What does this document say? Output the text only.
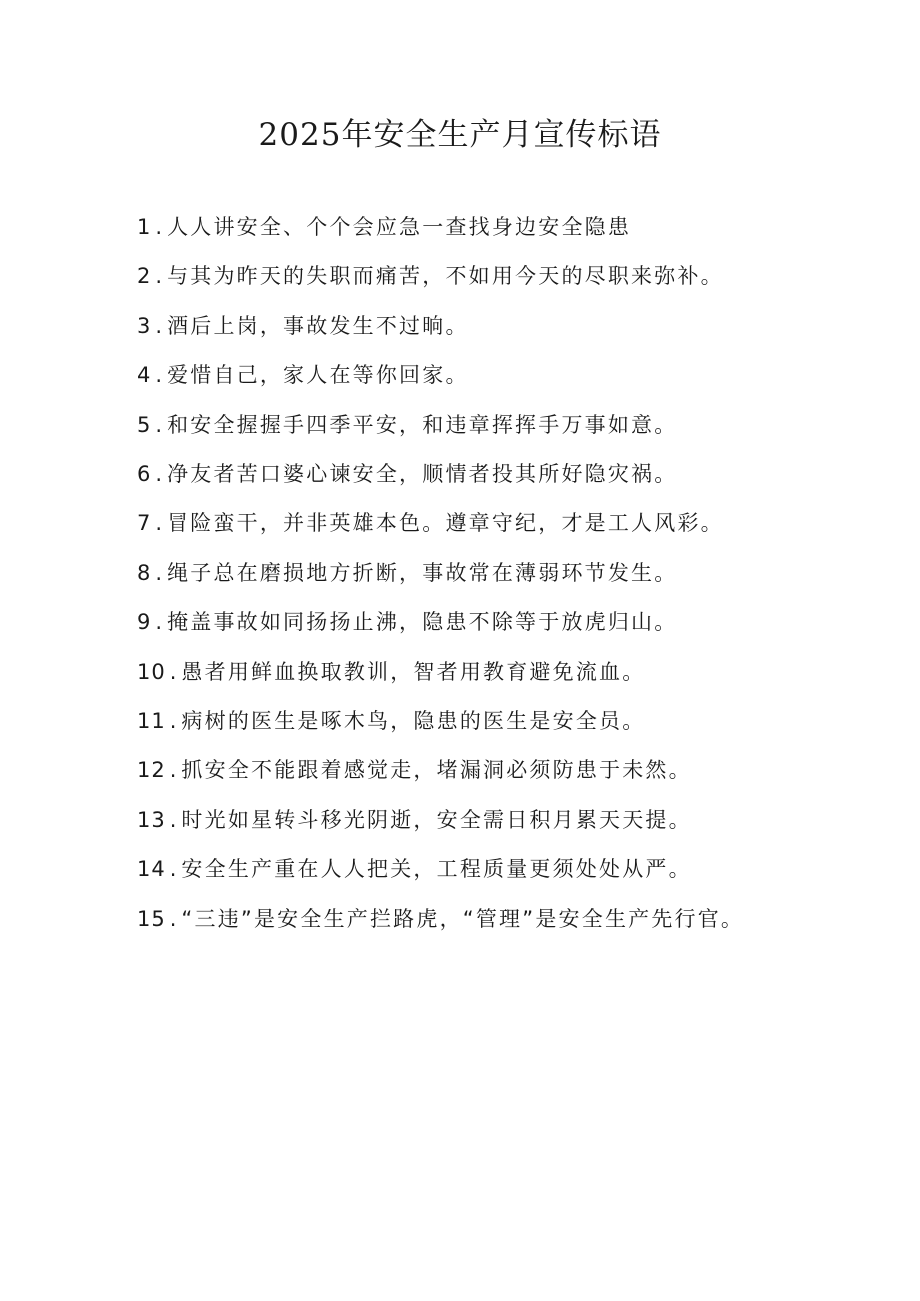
2025年安全生产月宣传标语
1 . 人人讲安全、个个会应急一查找身边安全隐患
2 . 与其为昨天的失职而痛苦，不如用今天的尽职来弥补。
3 . 酒后上岗，事故发生不过晌。
4 . 爱惜自己，家人在等你回家。
5 . 和安全握握手四季平安，和违章挥挥手万事如意。
6 . 净友者苦口婆心谏安全，顺情者投其所好隐灾祸。
7 . 冒险蛮干，并非英雄本色。遵章守纪，才是工人风彩。
8 . 绳子总在磨损地方折断，事故常在薄弱环节发生。
9 . 掩盖事故如同扬扬止沸，隐患不除等于放虎归山。
10 . 愚者用鲜血换取教训，智者用教育避免流血。
11 . 病树的医生是啄木鸟，隐患的医生是安全员。
12 . 抓安全不能跟着感觉走，堵漏洞必须防患于未然。
13 . 时光如星转斗移光阴逝，安全需日积月累天天提。
14 . 安全生产重在人人把关，工程质量更须处处从严。
15 . “三违”是安全生产拦路虎，“管理”是安全生产先行官。
